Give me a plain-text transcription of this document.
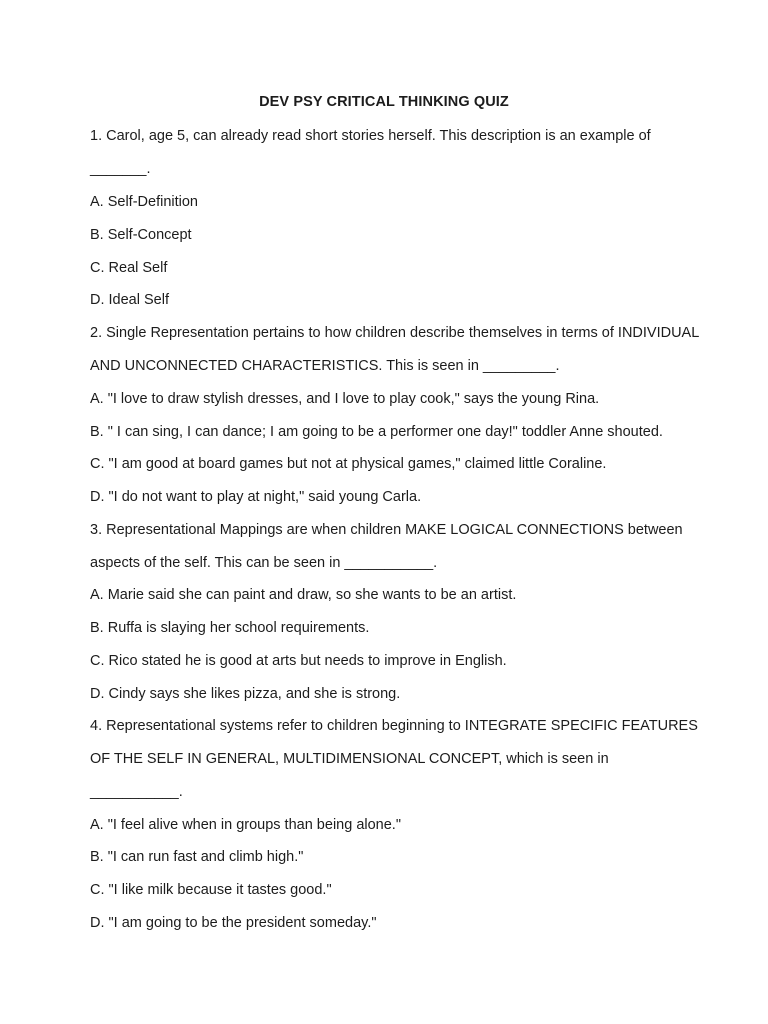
DEV PSY CRITICAL THINKING QUIZ
1. Carol, age 5, can already read short stories herself. This description is an example of
_______.
A. Self-Definition
B. Self-Concept
C. Real Self
D. Ideal Self
2. Single Representation pertains to how children describe themselves in terms of INDIVIDUAL
AND UNCONNECTED CHARACTERISTICS. This is seen in _________.
A. "I love to draw stylish dresses, and I love to play cook," says the young Rina.
B. " I can sing, I can dance; I am going to be a performer one day!" toddler Anne shouted.
C. "I am good at board games but not at physical games," claimed little Coraline.
D. "I do not want to play at night," said young Carla.
3. Representational Mappings are when children MAKE LOGICAL CONNECTIONS between
aspects of the self. This can be seen in ___________.
A. Marie said she can paint and draw, so she wants to be an artist.
B. Ruffa is slaying her school requirements.
C. Rico stated he is good at arts but needs to improve in English.
D. Cindy says she likes pizza, and she is strong.
4. Representational systems refer to children beginning to INTEGRATE SPECIFIC FEATURES
OF THE SELF IN GENERAL, MULTIDIMENSIONAL CONCEPT, which is seen in
___________.
A. "I feel alive when in groups than being alone."
B. "I can run fast and climb high."
C. "I like milk because it tastes good."
D. "I am going to be the president someday."
